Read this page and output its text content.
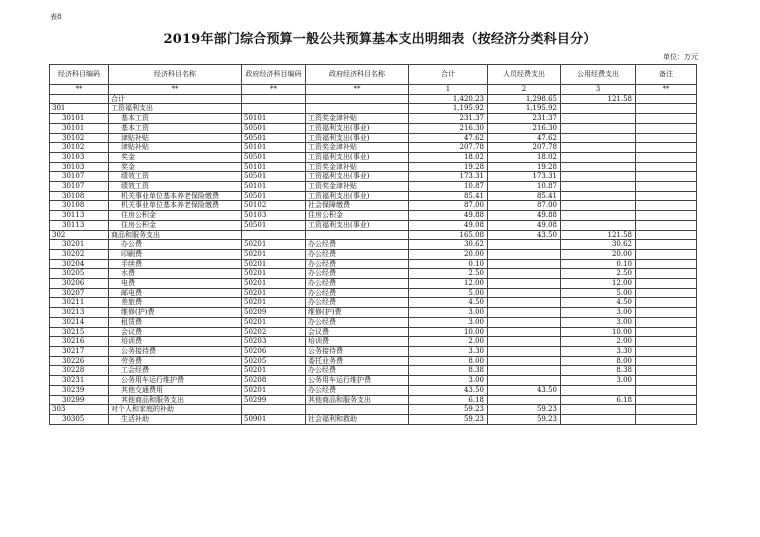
表8
2019年部门综合预算一般公共预算基本支出明细表（按经济分类科目分）
单位：万元
经济科目编码	经济科目名称	政府经济科目编码	政府经济科目名称	合计	人员经费支出	公用经费支出	备注
**	**	**	**	1	2	3	**
	合计			1,420.23	1,298.65	121.58	
301	工资福利支出			1,195.92	1,195.92		
30101	基本工资	50101	工资奖金津补贴	231.37	231.37		
30101	基本工资	50501	工资福利支出(事业)	216.30	216.30		
30102	津贴补贴	50501	工资福利支出(事业)	47.62	47.62		
30102	津贴补贴	50101	工资奖金津补贴	207.78	207.78		
30103	奖金	50501	工资福利支出(事业)	18.02	18.02		
30103	奖金	50101	工资奖金津补贴	19.28	19.28		
30107	绩效工资	50501	工资福利支出(事业)	173.31	173.31		
30107	绩效工资	50101	工资奖金津补贴	10.87	10.87		
30108	机关事业单位基本养老保险缴费	50501	工资福利支出(事业)	85.41	85.41		
30108	机关事业单位基本养老保险缴费	50102	社会保障缴费	87.00	87.00		
30113	住房公积金	50103	住房公积金	49.88	49.88		
30113	住房公积金	50501	工资福利支出(事业)	49.08	49.08		
302	商品和服务支出			165.08	43.50	121.58	
30201	办公费	50201	办公经费	30.62		30.62	
30202	印刷费	50201	办公经费	20.00		20.00	
30204	手续费	50201	办公经费	0.10		0.10	
30205	水费	50201	办公经费	2.50		2.50	
30206	电费	50201	办公经费	12.00		12.00	
30207	邮电费	50201	办公经费	5.00		5.00	
30211	差旅费	50201	办公经费	4.50		4.50	
30213	维修(护)费	50209	维修(护)费	3.00		3.00	
30214	租赁费	50201	办公经费	3.00		3.00	
30215	会议费	50202	会议费	10.00		10.00	
30216	培训费	50203	培训费	2.00		2.00	
30217	公务接待费	50206	公务接待费	3.30		3.30	
30226	劳务费	50205	委托业务费	8.00		8.00	
30228	工会经费	50201	办公经费	8.38		8.38	
30231	公务用车运行维护费	50208	公务用车运行维护费	3.00		3.00	
30239	其他交通费用	50201	办公经费	43.50	43.50		
30299	其他商品和服务支出	50299	其他商品和服务支出	6.18		6.18	
303	对个人和家庭的补助			59.23	59.23		
30305	生活补助	50901	社会福利和救助	59.23	59.23		
